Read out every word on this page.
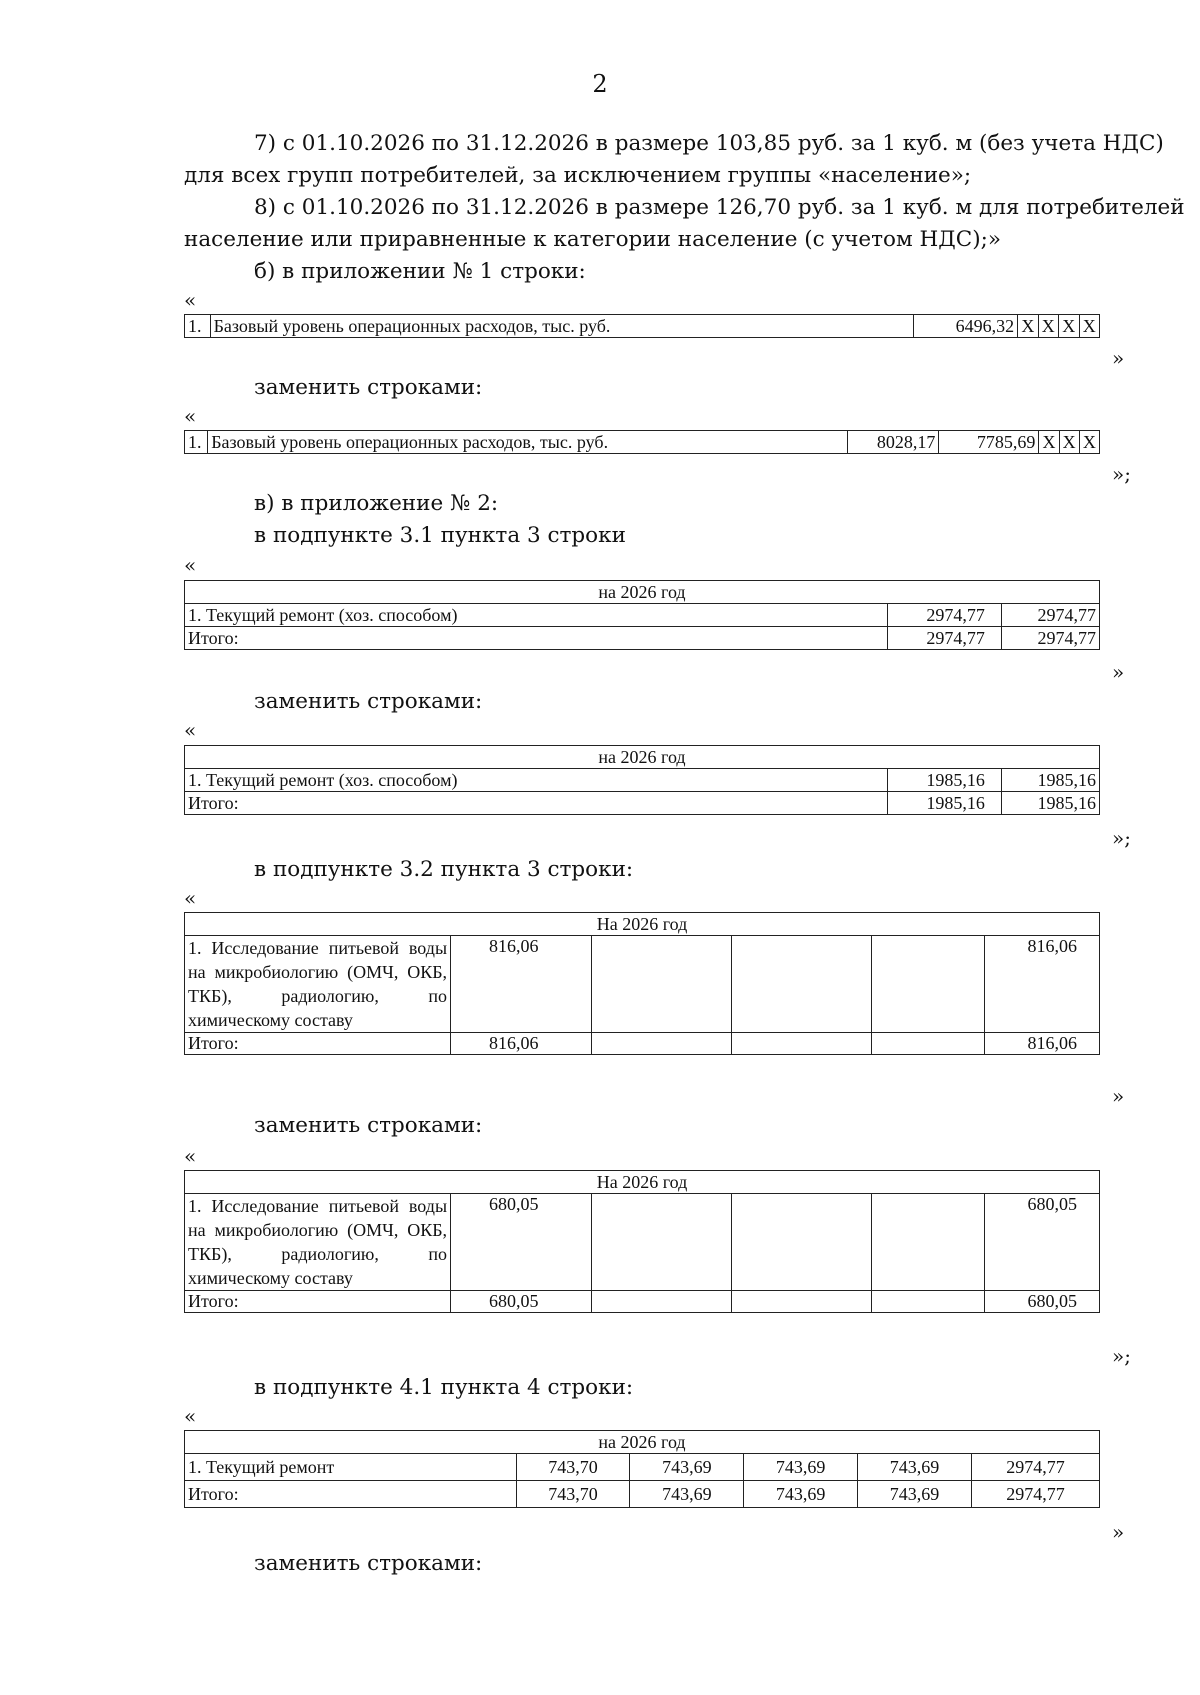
2
7) с 01.10.2026 по 31.12.2026 в размере 103,85 руб. за 1 куб. м (без учета НДС)
для всех групп потребителей, за исключением группы «население»;
8) с 01.10.2026 по 31.12.2026 в размере 126,70 руб. за 1 куб. м для потребителей
население или приравненные к категории население (с учетом НДС);»
б) в приложении № 1 строки:
«
1.	Базовый уровень операционных расходов, тыс. руб.	6496,32	Х	Х	Х	Х
»
заменить строками:
«
1.	Базовый уровень операционных расходов, тыс. руб.	8028,17	7785,69	Х	Х	Х
»;
в) в приложение № 2:
в подпункте 3.1 пункта 3 строки
«
на 2026 год		
1. Текущий ремонт (хоз. способом)	2974,77	2974,77
Итого:	2974,77	2974,77
»
заменить строками:
«
на 2026 год		
1. Текущий ремонт (хоз. способом)	1985,16	1985,16
Итого:	1985,16	1985,16
»;
в подпункте 3.2 пункта 3 строки:
«
На 2026 год					
1. Исследование питьевой воды на микробиологию (ОМЧ, ОКБ, ТКБ), радиологию, по химическому составу	816,06				816,06
Итого:	816,06				816,06
»
заменить строками:
«
На 2026 год					
1. Исследование питьевой воды на микробиологию (ОМЧ, ОКБ, ТКБ), радиологию, по химическому составу	680,05				680,05
Итого:	680,05				680,05
»;
в подпункте 4.1 пункта 4 строки:
«
на 2026 год					
1. Текущий ремонт	743,70	743,69	743,69	743,69	2974,77
Итого:	743,70	743,69	743,69	743,69	2974,77
»
заменить строками:
